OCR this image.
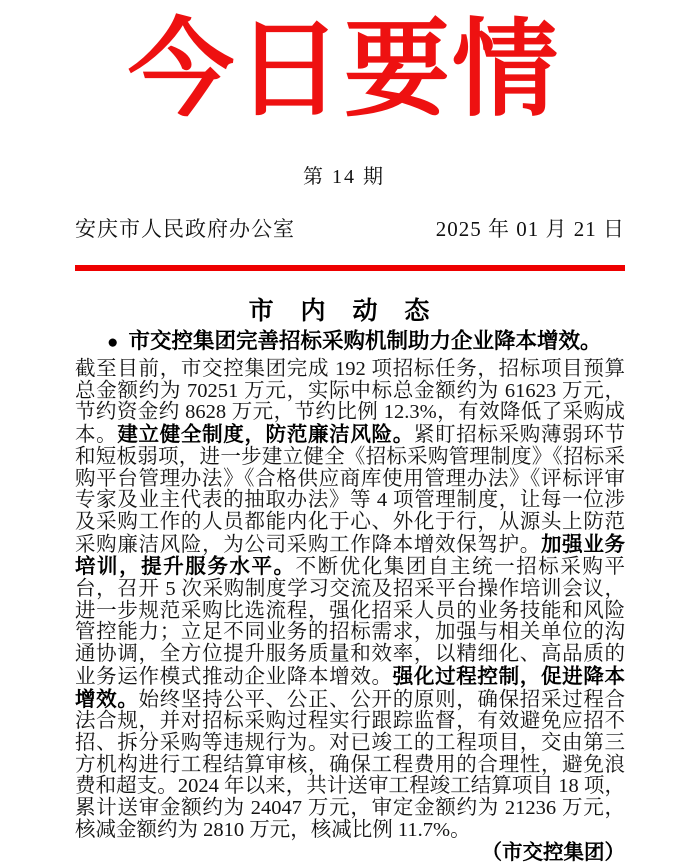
今日要情
第 14 期
安庆市人民政府办公室	2025 年 01 月 21 日
市 内 动 态
● 市交控集团完善招标采购机制助力企业降本增效。
截至目前，市交控集团完成 192 项招标任务，招标项目预算总金额约为 70251 万元，实际中标总金额约为 61623 万元，节约资金约 8628 万元，节约比例 12.3%，有效降低了采购成本。建立健全制度，防范廉洁风险。紧盯招标采购薄弱环节和短板弱项，进一步建立健全《招标采购管理制度》《招标采购平台管理办法》《合格供应商库使用管理办法》《评标评审专家及业主代表的抽取办法》等 4 项管理制度，让每一位涉及采购工作的人员都能内化于心、外化于行，从源头上防范采购廉洁风险，为公司采购工作降本增效保驾护。加强业务培训，提升服务水平。不断优化集团自主统一招标采购平台，召开 5 次采购制度学习交流及招采平台操作培训会议，进一步规范采购比选流程，强化招采人员的业务技能和风险管控能力；立足不同业务的招标需求，加强与相关单位的沟通协调，全方位提升服务质量和效率，以精细化、高品质的业务运作模式推动企业降本增效。强化过程控制，促进降本增效。始终坚持公平、公正、公开的原则，确保招采过程合法合规，并对招标采购过程实行跟踪监督，有效避免应招不招、拆分采购等违规行为。对已竣工的工程项目，交由第三方机构进行工程结算审核，确保工程费用的合理性，避免浪费和超支。2024 年以来，共计送审工程竣工结算项目 18 项，累计送审金额约为 24047 万元，审定金额约为 21236 万元，核减金额约为 2810 万元，核减比例 11.7%。
（市交控集团）
